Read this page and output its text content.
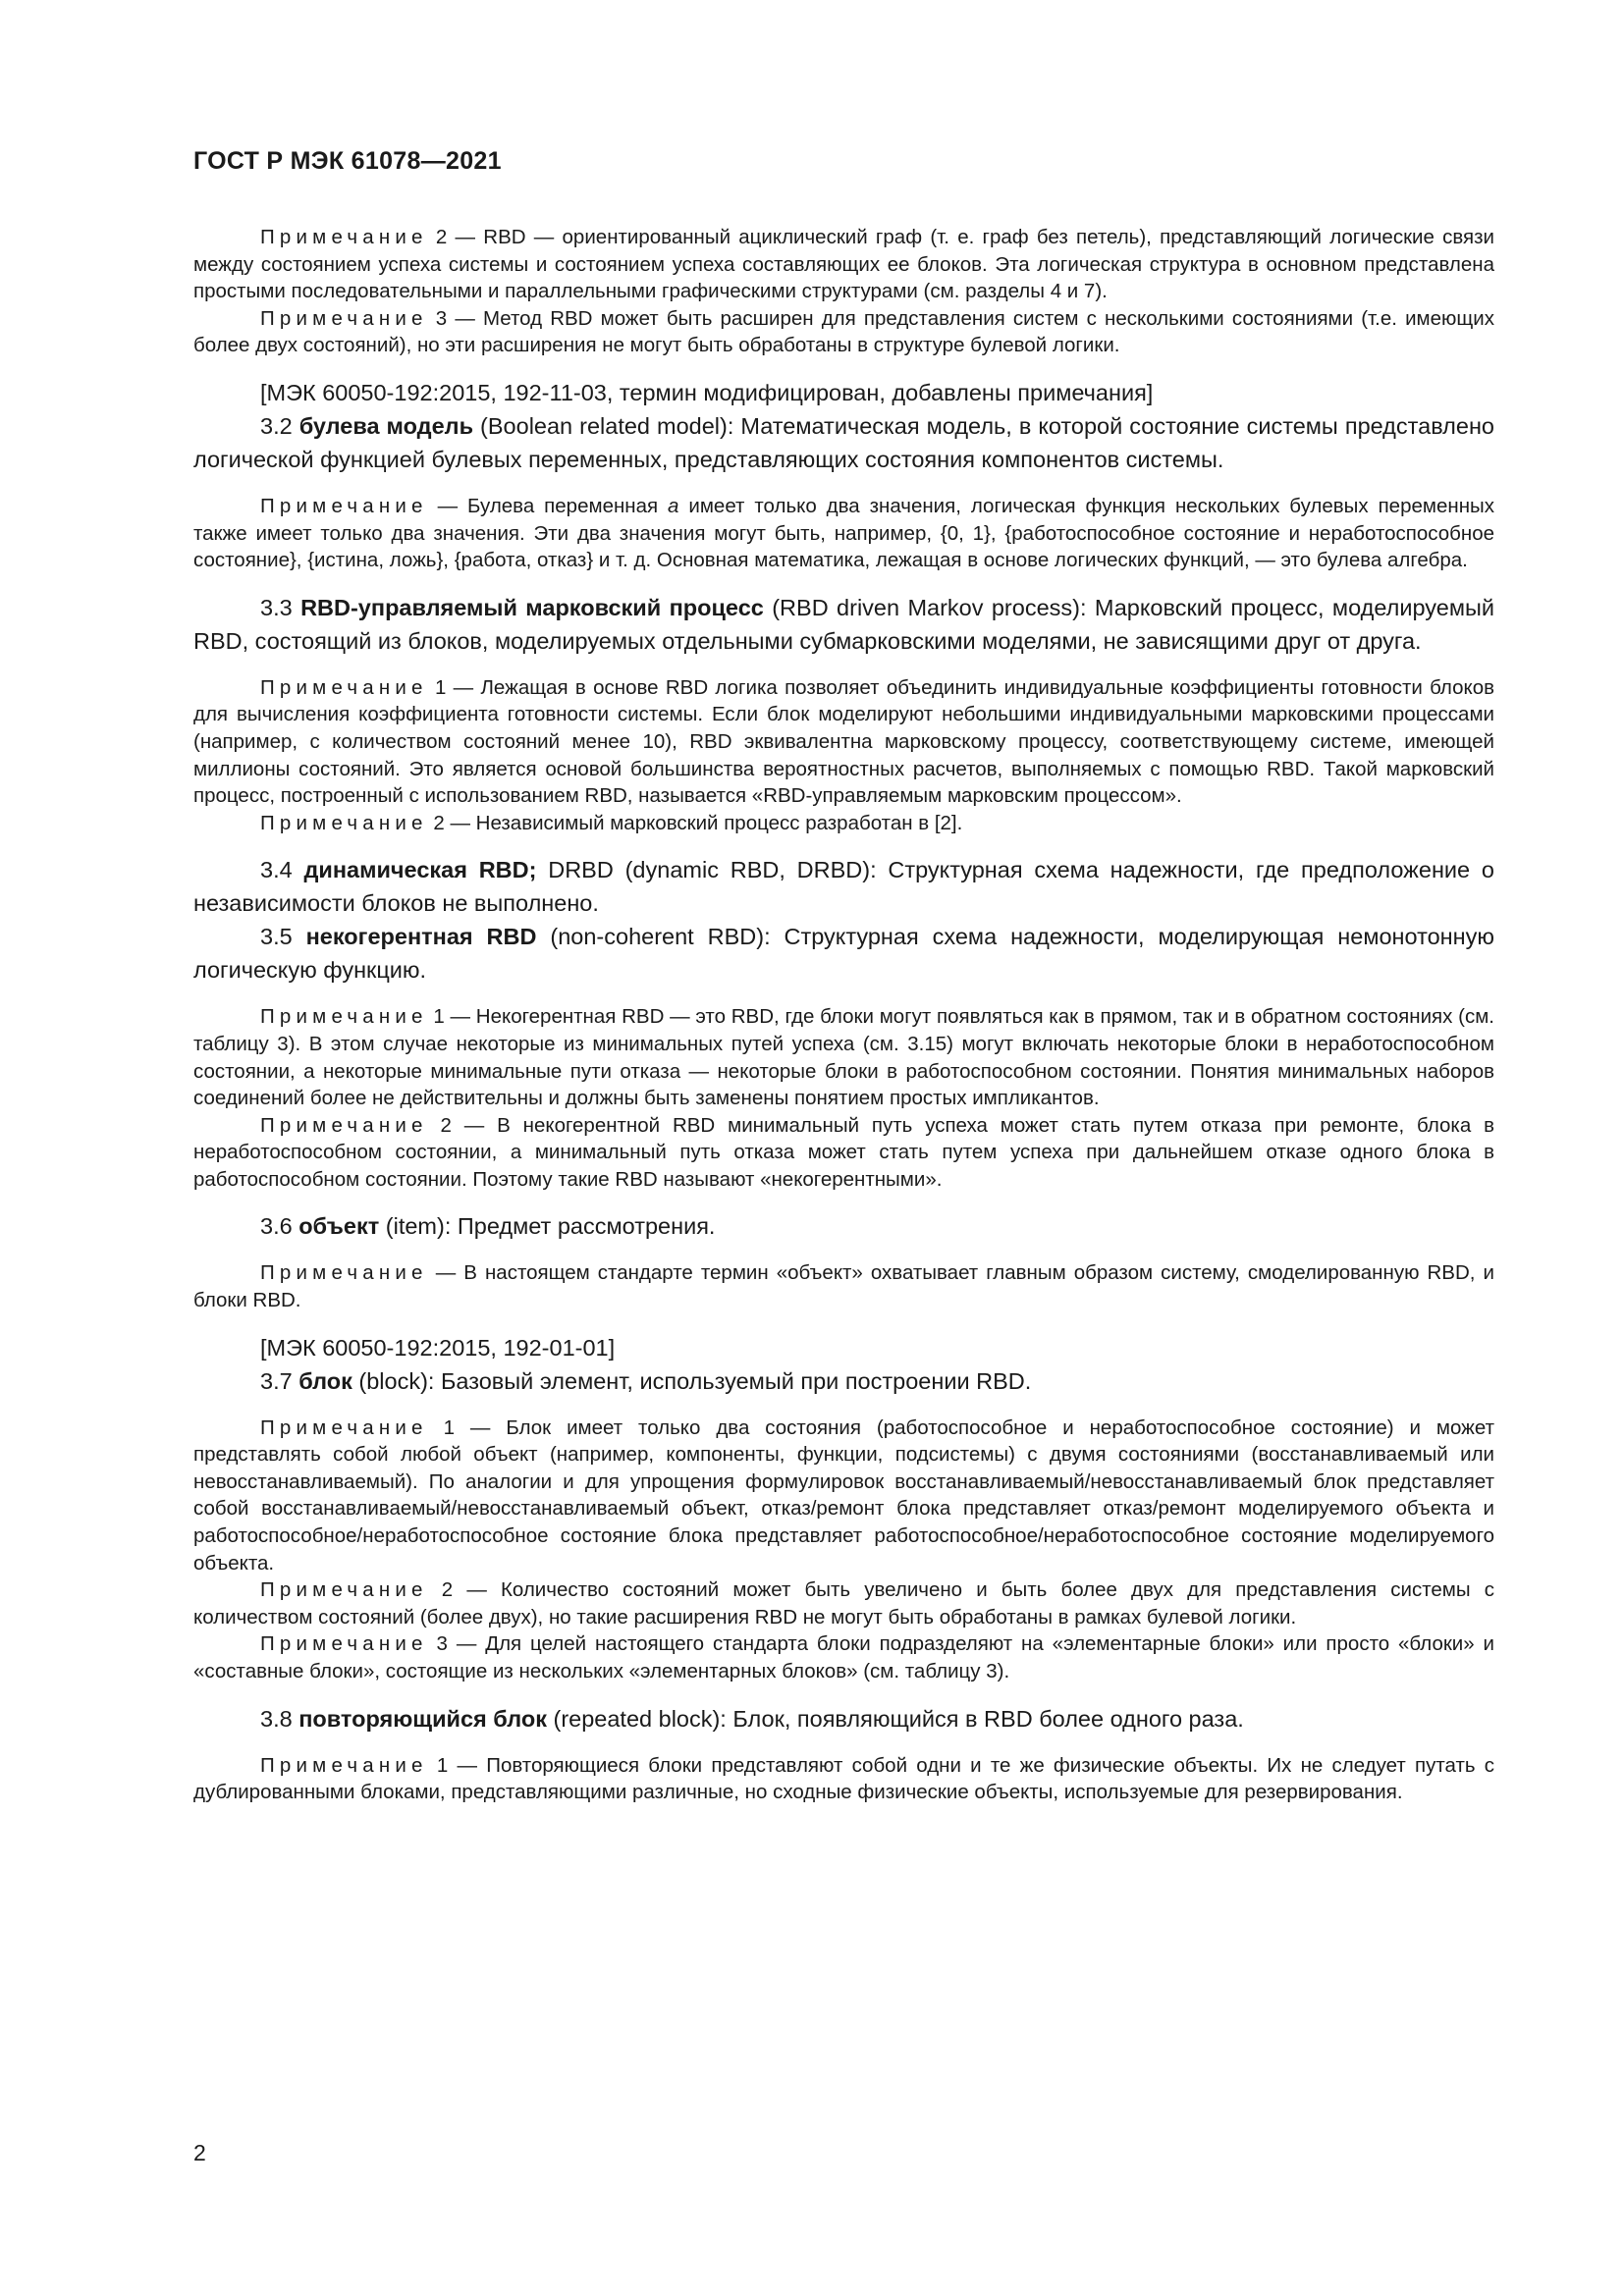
ГОСТ Р МЭК 61078—2021

Примечание 2 — RBD — ориентированный ациклический граф (т. е. граф без петель), представляющий логические связи между состоянием успеха системы и состоянием успеха составляющих ее блоков. Эта логическая структура в основном представлена простыми последовательными и параллельными графическими структурами (см. разделы 4 и 7).

Примечание 3 — Метод RBD может быть расширен для представления систем с несколькими состояниями (т.е. имеющих более двух состояний), но эти расширения не могут быть обработаны в структуре булевой логики.

[МЭК 60050-192:2015, 192-11-03, термин модифицирован, добавлены примечания]

3.2 булева модель (Boolean related model): Математическая модель, в которой состояние системы представлено логической функцией булевых переменных, представляющих состояния компонентов системы.

Примечание — Булева переменная а имеет только два значения, логическая функция нескольких булевых переменных также имеет только два значения. Эти два значения могут быть, например, {0, 1}, {работоспособное состояние и неработоспособное состояние}, {истина, ложь}, {работа, отказ} и т. д. Основная математика, лежащая в основе логических функций, — это булева алгебра.

3.3 RBD-управляемый марковский процесс (RBD driven Markov process): Марковский процесс, моделируемый RBD, состоящий из блоков, моделируемых отдельными субмарковскими моделями, не зависящими друг от друга.

Примечание 1 — Лежащая в основе RBD логика позволяет объединить индивидуальные коэффициенты готовности блоков для вычисления коэффициента готовности системы. Если блок моделируют небольшими индивидуальными марковскими процессами (например, с количеством состояний менее 10), RBD эквивалентна марковскому процессу, соответствующему системе, имеющей миллионы состояний. Это является основой большинства вероятностных расчетов, выполняемых с помощью RBD. Такой марковский процесс, построенный с использованием RBD, называется «RBD-управляемым марковским процессом».

Примечание 2 — Независимый марковский процесс разработан в [2].

3.4 динамическая RBD; DRBD (dynamic RBD, DRBD): Структурная схема надежности, где предположение о независимости блоков не выполнено.

3.5 некогерентная RBD (non-coherent RBD): Структурная схема надежности, моделирующая немонотонную логическую функцию.

Примечание 1 — Некогерентная RBD — это RBD, где блоки могут появляться как в прямом, так и в обратном состояниях (см. таблицу 3). В этом случае некоторые из минимальных путей успеха (см. 3.15) могут включать некоторые блоки в неработоспособном состоянии, а некоторые минимальные пути отказа — некоторые блоки в работоспособном состоянии. Понятия минимальных наборов соединений более не действительны и должны быть заменены понятием простых импликантов.

Примечание 2 — В некогерентной RBD минимальный путь успеха может стать путем отказа при ремонте, блока в неработоспособном состоянии, а минимальный путь отказа может стать путем успеха при дальнейшем отказе одного блока в работоспособном состоянии. Поэтому такие RBD называют «некогерентными».

3.6 объект (item): Предмет рассмотрения.

Примечание — В настоящем стандарте термин «объект» охватывает главным образом систему, смоделированную RBD, и блоки RBD.

[МЭК 60050-192:2015, 192-01-01]

3.7 блок (block): Базовый элемент, используемый при построении RBD.

Примечание 1 — Блок имеет только два состояния (работоспособное и неработоспособное состояние) и может представлять собой любой объект (например, компоненты, функции, подсистемы) с двумя состояниями (восстанавливаемый или невосстанавливаемый). По аналогии и для упрощения формулировок восстанавливаемый/невосстанавливаемый блок представляет собой восстанавливаемый/невосстанавливаемый объект, отказ/ремонт блока представляет отказ/ремонт моделируемого объекта и работоспособное/неработоспособное состояние блока представляет работоспособное/неработоспособное состояние моделируемого объекта.

Примечание 2 — Количество состояний может быть увеличено и быть более двух для представления системы с количеством состояний (более двух), но такие расширения RBD не могут быть обработаны в рамках булевой логики.

Примечание 3 — Для целей настоящего стандарта блоки подразделяют на «элементарные блоки» или просто «блоки» и «составные блоки», состоящие из нескольких «элементарных блоков» (см. таблицу 3).

3.8 повторяющийся блок (repeated block): Блок, появляющийся в RBD более одного раза.

Примечание 1 — Повторяющиеся блоки представляют собой одни и те же физические объекты. Их не следует путать с дублированными блоками, представляющими различные, но сходные физические объекты, используемые для резервирования.

2
